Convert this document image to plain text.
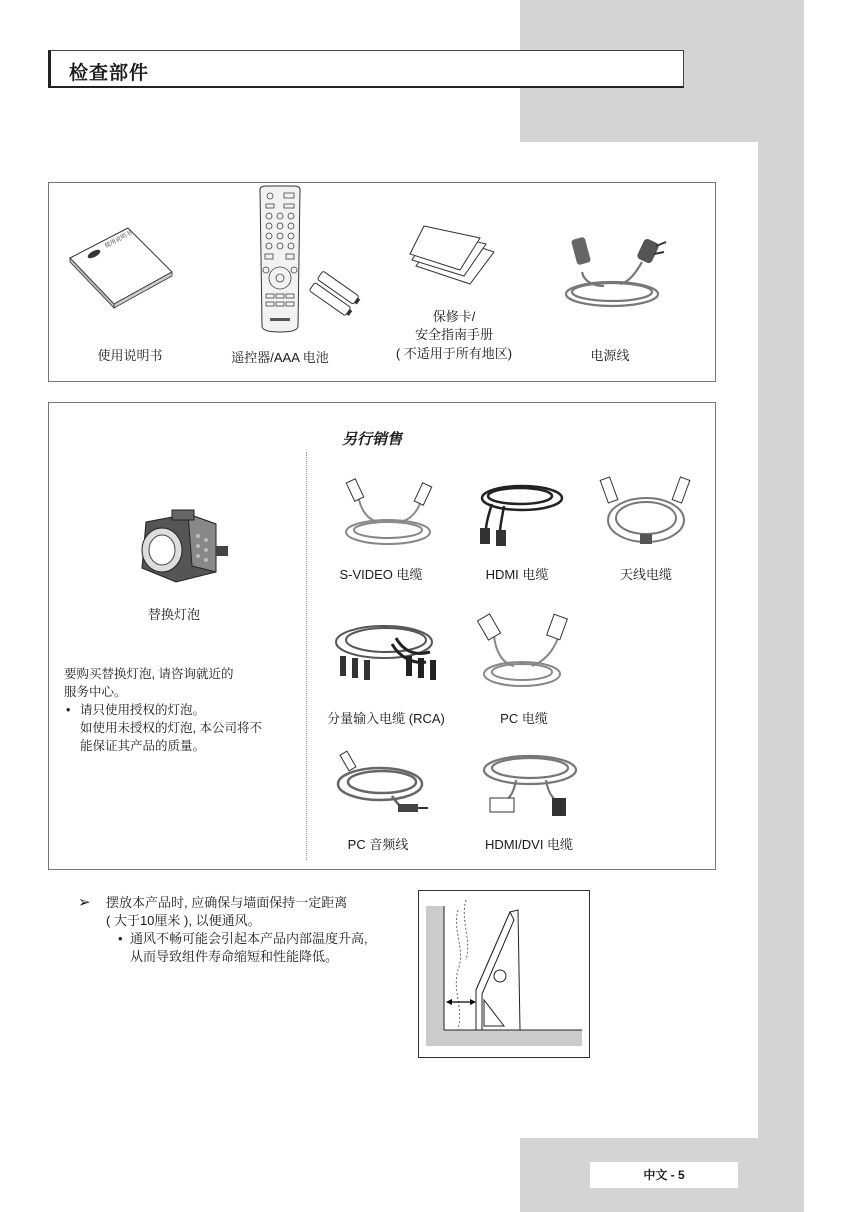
检查部件
使用说明书
使用说明书	遥控器/AAA 电池
保修卡/
安全指南手册
( 不适用于所有地区)	电源线
另行销售
替换灯泡
要购买替换灯泡, 请咨询就近的
服务中心。
• 请只使用授权的灯泡。
如使用未授权的灯泡, 本公司将不
能保证其产品的质量。
S-VIDEO 电缆	HDMI 电缆	天线电缆
分量输入电缆 (RCA)	PC 电缆
PC 音频线	HDMI/DVI 电缆
➢ 摆放本产品时, 应确保与墙面保持一定距离
( 大于10厘米 ), 以便通风。
• 通风不畅可能会引起本产品内部温度升高,
从而导致组件寿命缩短和性能降低。
中文 - 5
